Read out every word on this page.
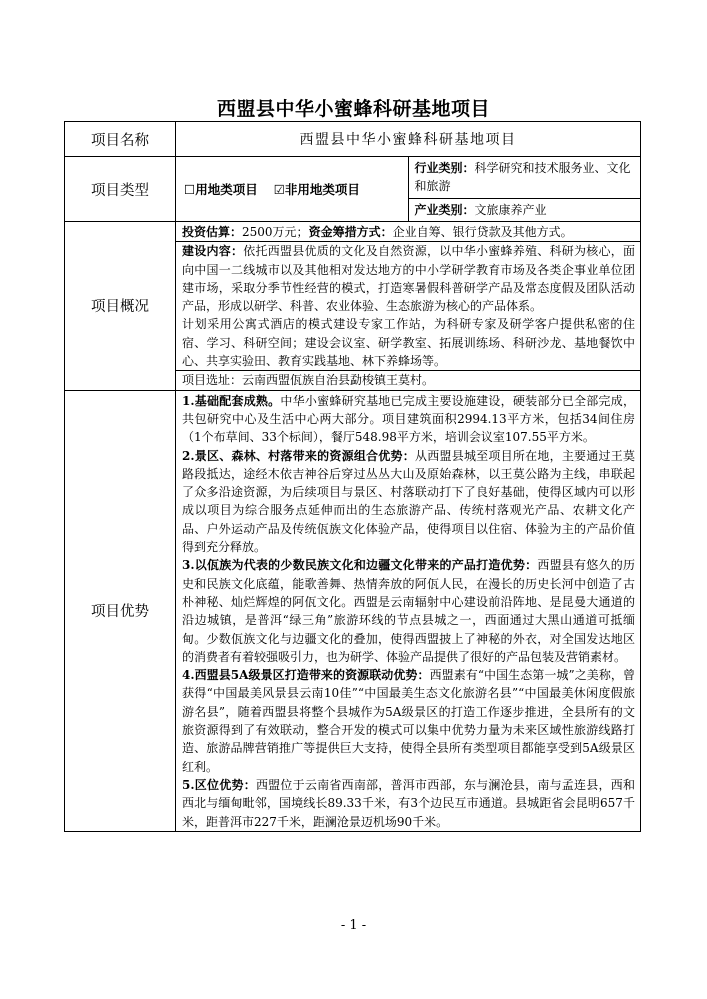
西盟县中华小蜜蜂科研基地项目
项目名称	西盟县中华小蜜蜂科研基地项目	
项目类型	☐用地类项目 ☑非用地类项目	行业类别：科学研究和技术服务业、文化和旅游
产业类别：文旅康养产业

项目概况	投资估算：2500万元；资金筹措方式：企业自筹、银行贷款及其他方式。

建设内容：依托西盟县优质的文化及自然资源，以中华小蜜蜂养殖、科研为核心，面向中国一二线城市以及其他相对发达地方的中小学研学教育市场及各类企事业单位团建市场，采取分季节性经营的模式，打造寒暑假科普研学产品及常态度假及团队活动产品，形成以研学、科普、农业体验、生态旅游为核心的产品体系。

计划采用公寓式酒店的模式建设专家工作站，为科研专家及研学客户提供私密的住宿、学习、科研空间；建设会议室、研学教室、拓展训练场、科研沙龙、基地餐饮中心、共享实验田、教育实践基地、林下养蜂场等。

项目选址：云南西盟佤族自治县勐梭镇王莫村。	

项目优势	1.基础配套成熟。中华小蜜蜂研究基地已完成主要设施建设，硬装部分已全部完成，共包研究中心及生活中心两大部分。项目建筑面积2994.13平方米，包括34间住房（1个布草间、33个标间），餐厅548.98平方米，培训会议室107.55平方米。

2.景区、森林、村落带来的资源组合优势：从西盟县城至项目所在地，主要通过王莫路段抵达，途经木依吉神谷后穿过丛丛大山及原始森林，以王莫公路为主线，串联起了众多沿途资源，为后续项目与景区、村落联动打下了良好基础，使得区域内可以形成以项目为综合服务点延伸而出的生态旅游产品、传统村落观光产品、农耕文化产品、户外运动产品及传统佤族文化体验产品，使得项目以住宿、体验为主的产品价值得到充分释放。

3.以佤族为代表的少数民族文化和边疆文化带来的产品打造优势：西盟县有悠久的历史和民族文化底蕴，能歌善舞、热情奔放的阿佤人民，在漫长的历史长河中创造了古朴神秘、灿烂辉煌的阿佤文化。西盟是云南辐射中心建设前沿阵地、是昆曼大通道的沿边城镇，是普洱“绿三角”旅游环线的节点县城之一，西面通过大黑山通道可抵缅甸。少数佤族文化与边疆文化的叠加，使得西盟披上了神秘的外衣，对全国发达地区的消费者有着较强吸引力，也为研学、体验产品提供了很好的产品包装及营销素材。

4.西盟县5A级景区打造带来的资源联动优势：西盟素有“中国生态第一城”之美称，曾获得“中国最美风景县云南10佳”“中国最美生态文化旅游名县”“中国最美休闲度假旅游名县”，随着西盟县将整个县城作为5A级景区的打造工作逐步推进，全县所有的文旅资源得到了有效联动，整合开发的模式可以集中优势力量为未来区域性旅游线路打造、旅游品牌营销推广等提供巨大支持，使得全县所有类型项目都能享受到5A级景区红利。

5.区位优势：西盟位于云南省西南部，普洱市西部，东与澜沧县，南与孟连县，西和西北与缅甸毗邻，国境线长89.33千米，有3个边民互市通道。县城距省会昆明657千米，距普洱市227千米，距澜沧景迈机场90千米。	

- 1 -
